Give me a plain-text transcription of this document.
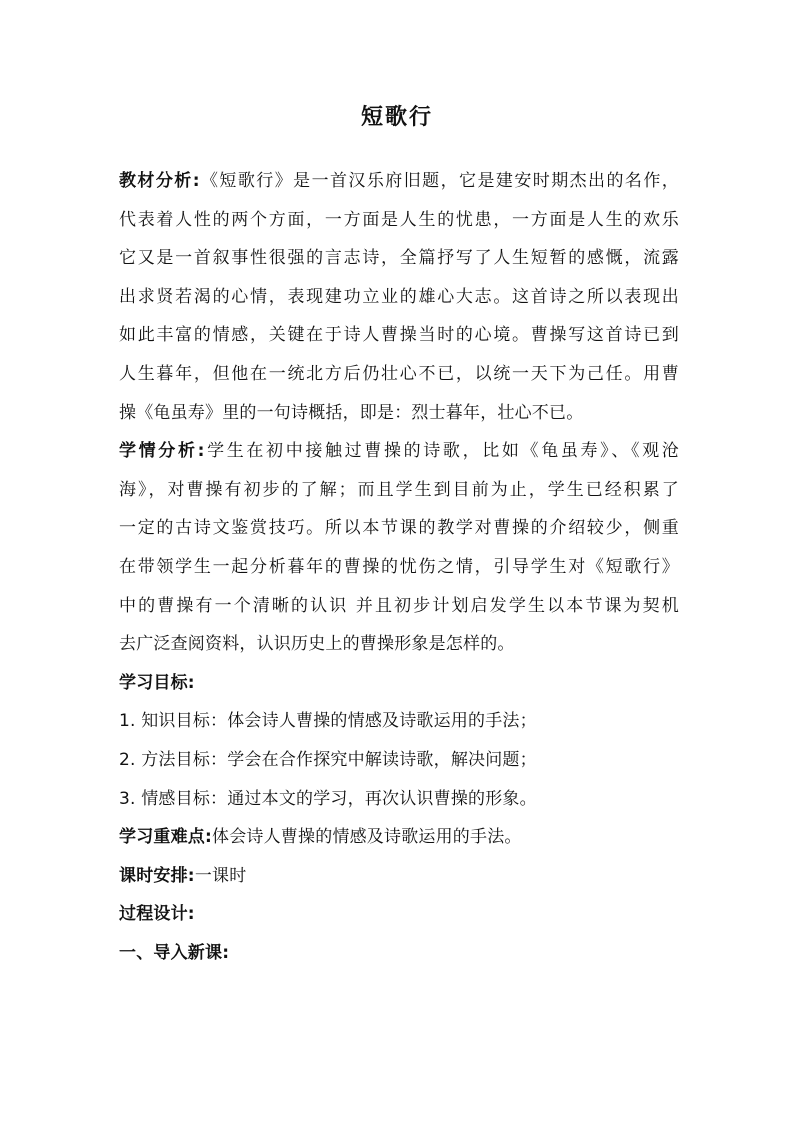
短歌行
教材分析:《短歌行》是一首汉乐府旧题，它是建安时期杰出的名作，
代表着人性的两个方面，一方面是人生的忧患，一方面是人生的欢乐
它又是一首叙事性很强的言志诗，全篇抒写了人生短暂的感慨，流露
出求贤若渴的心情，表现建功立业的雄心大志。这首诗之所以表现出
如此丰富的情感，关键在于诗人曹操当时的心境。曹操写这首诗已到
人生暮年，但他在一统北方后仍壮心不已，以统一天下为己任。用曹
操《龟虽寿》里的一句诗概括，即是：烈士暮年，壮心不已。
学情分析:学生在初中接触过曹操的诗歌，比如《龟虽寿》、《观沧
海》，对曹操有初步的了解；而且学生到目前为止，学生已经积累了
一定的古诗文鉴赏技巧。所以本节课的教学对曹操的介绍较少，侧重
在带领学生一起分析暮年的曹操的忧伤之情，引导学生对《短歌行》
中的曹操有一个清晰的认识 并且初步计划启发学生以本节课为契机
去广泛查阅资料，认识历史上的曹操形象是怎样的。
学习目标:
1. 知识目标：体会诗人曹操的情感及诗歌运用的手法；
2. 方法目标：学会在合作探究中解读诗歌，解决问题；
3. 情感目标：通过本文的学习，再次认识曹操的形象。
学习重难点:体会诗人曹操的情感及诗歌运用的手法。
课时安排:一课时
过程设计:
一、导入新课:
